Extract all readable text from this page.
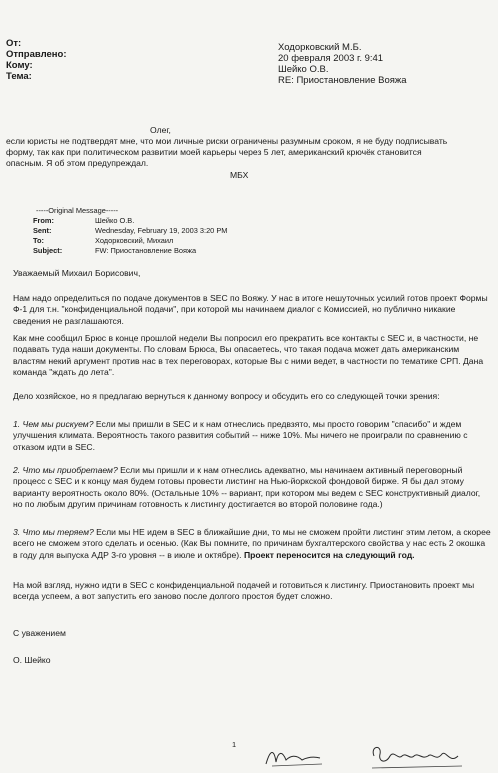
От:
Отправлено:
Кому:
Тема:
Ходорковский М.Б.
20 февраля 2003 г. 9:41
Шейко О.В.
RE: Приостановление Вояжа
Олег,
если юристы не подтвердят мне, что мои личные риски ограничены разумным сроком, я не буду подписывать
форму, так как при политическом развитии моей карьеры через 5 лет, американский крючёк становится
опасным. Я об этом предупреждал.
МБХ
-----Original Message-----
From:
Sent:
To:
Subject:
Шейко О.В.
Wednesday, February 19, 2003 3:20 PM
Ходорковский, Михаил
FW: Приостановление Вояжа
Уважаемый Михаил Борисович,
Нам надо определиться по подаче документов в SEC по Вояжу. У нас в итоге нешуточных усилий готов проект Формы Ф-1 для т.н. "конфиденциальной подачи", при которой мы начинаем диалог с Комиссией, но публично никакие сведения не разглашаются.
Как мне сообщил Брюс в конце прошлой недели Вы попросил его прекратить все контакты с SEC и, в частности, не подавать туда наши документы. По словам Брюса, Вы опасаетесь, что такая подача может дать американским властям некий аргумент против нас в тех переговорах, которые Вы с ними ведет, в частности по тематике СРП. Дана команда "ждать до лета".
Дело хозяйское, но я предлагаю вернуться к данному вопросу и обсудить его со следующей точки зрения:
1. Чем мы рискуем? Если мы пришли в SEC и к нам отнеслись предвзято, мы просто говорим "спасибо" и ждем улучшения климата. Вероятность такого развития событий -- ниже 10%. Мы ничего не проиграли по сравнению с отказом идти в SEC.
2. Что мы приобретаем? Если мы пришли и к нам отнеслись адекватно, мы начинаем активный переговорный процесс с SEC и к концу мая будем готовы провести листинг на Нью-йоркской фондовой бирже. Я бы дал этому варианту вероятность около 80%. (Остальные 10% -- вариант, при котором мы ведем с SEC конструктивный диалог, но по любым другим причинам готовность к листингу достигается во второй половине года.)
3. Что мы теряем? Если мы НЕ идем в SEC в ближайшие дни, то мы не сможем пройти листинг этим летом, а скорее всего не сможем этого сделать и осенью. (Как Вы помните, по причинам бухгалтерского свойства у нас есть 2 окошка в году для выпуска АДР 3-го уровня -- в июле и октябре). Проект переносится на следующий год.
На мой взгляд, нужно идти в SEC с конфиденциальной подачей и готовиться к листингу. Приостановить проект мы всегда успеем, а вот запустить его заново после долгого простоя будет сложно.
С уважением
О. Шейко
1
